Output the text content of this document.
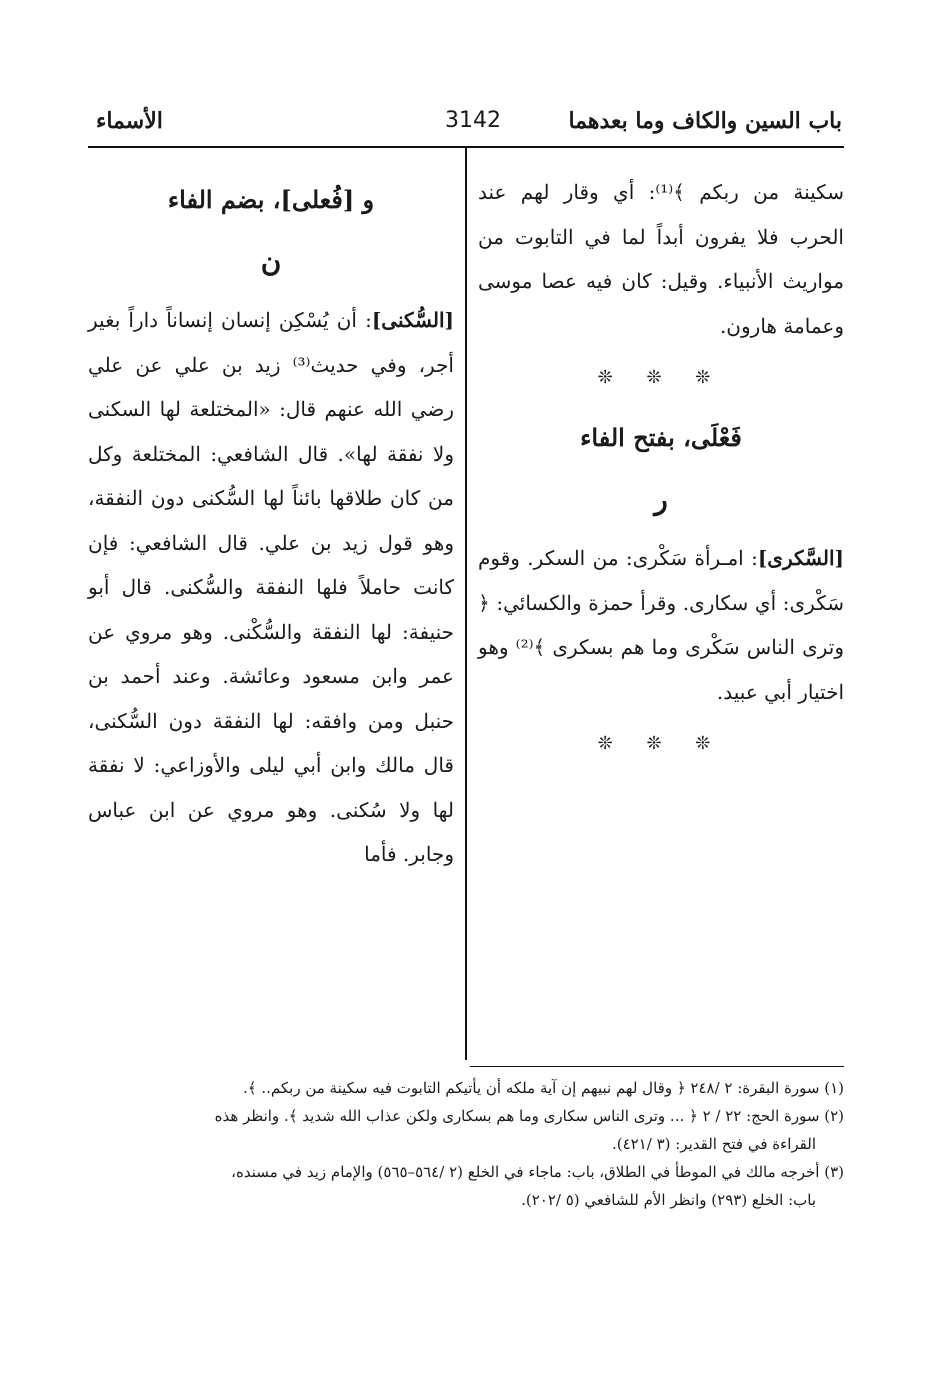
باب السين والكاف وما بعدهما
3142
الأسماء

سكينة من ربكم ﴾⁽¹⁾: أي وقار لهم عند الحرب فلا يفرون أبداً لما في التابوت من مواريث الأنبياء. وقيل: كان فيه عصا موسى وعمامة هارون.

❊ ❊ ❊
فَعْلَى، بفتح الفاء
ر

[السَّكرى]: امـرأة سَكْرى: من السكر. وقوم سَكْرى: أي سكارى. وقرأ حمزة والكسائي: ﴿ وترى الناس سَكْرى وما هم بسكرى ﴾⁽²⁾ وهو اختيار أبي عبيد.

❊ ❊ ❊
و [فُعلى]، بضم الفاء
ن

[السُّكنى]: أن يُسْكِن إنسان إنساناً داراً بغير أجر، وفي حديث⁽³⁾ زيد بن علي عن علي رضي الله عنهم قال: «المختلعة لها السكنى ولا نفقة لها». قال الشافعي: المختلعة وكل من كان طلاقها بائناً لها السُّكنى دون النفقة، وهو قول زيد بن علي. قال الشافعي: فإن كانت حاملاً فلها النفقة والسُّكنى. قال أبو حنيفة: لها النفقة والسُّكْنى. وهو مروي عن عمر وابن مسعود وعائشة. وعند أحمد بن حنبل ومن وافقه: لها النفقة دون السُّكنى، قال مالك وابن أبي ليلى والأوزاعي: لا نفقة لها ولا سُكنى. وهو مروي عن ابن عباس وجابر. فأما

(١) سورة البقرة: ٢ /٢٤٨ ﴿ وقال لهم نبيهم إن آية ملكه أن يأتيكم التابوت فيه سكينة من ربكم.. ﴾.

(٢) سورة الحج: ٢٢ / ٢ ﴿ ... وترى الناس سكارى وما هم بسكارى ولكن عذاب الله شديد ﴾. وانظر هذه

القراءة في فتح القدير: (٣ /٤٢١).

(٣) أخرجه مالك في الموطأ في الطلاق، باب: ماجاء في الخلع (٢ /٥٦٤–٥٦٥) والإمام زيد في مسنده،

باب: الخلع (٢٩٣) وانظر الأم للشافعي (٥ /٢٠٢).
